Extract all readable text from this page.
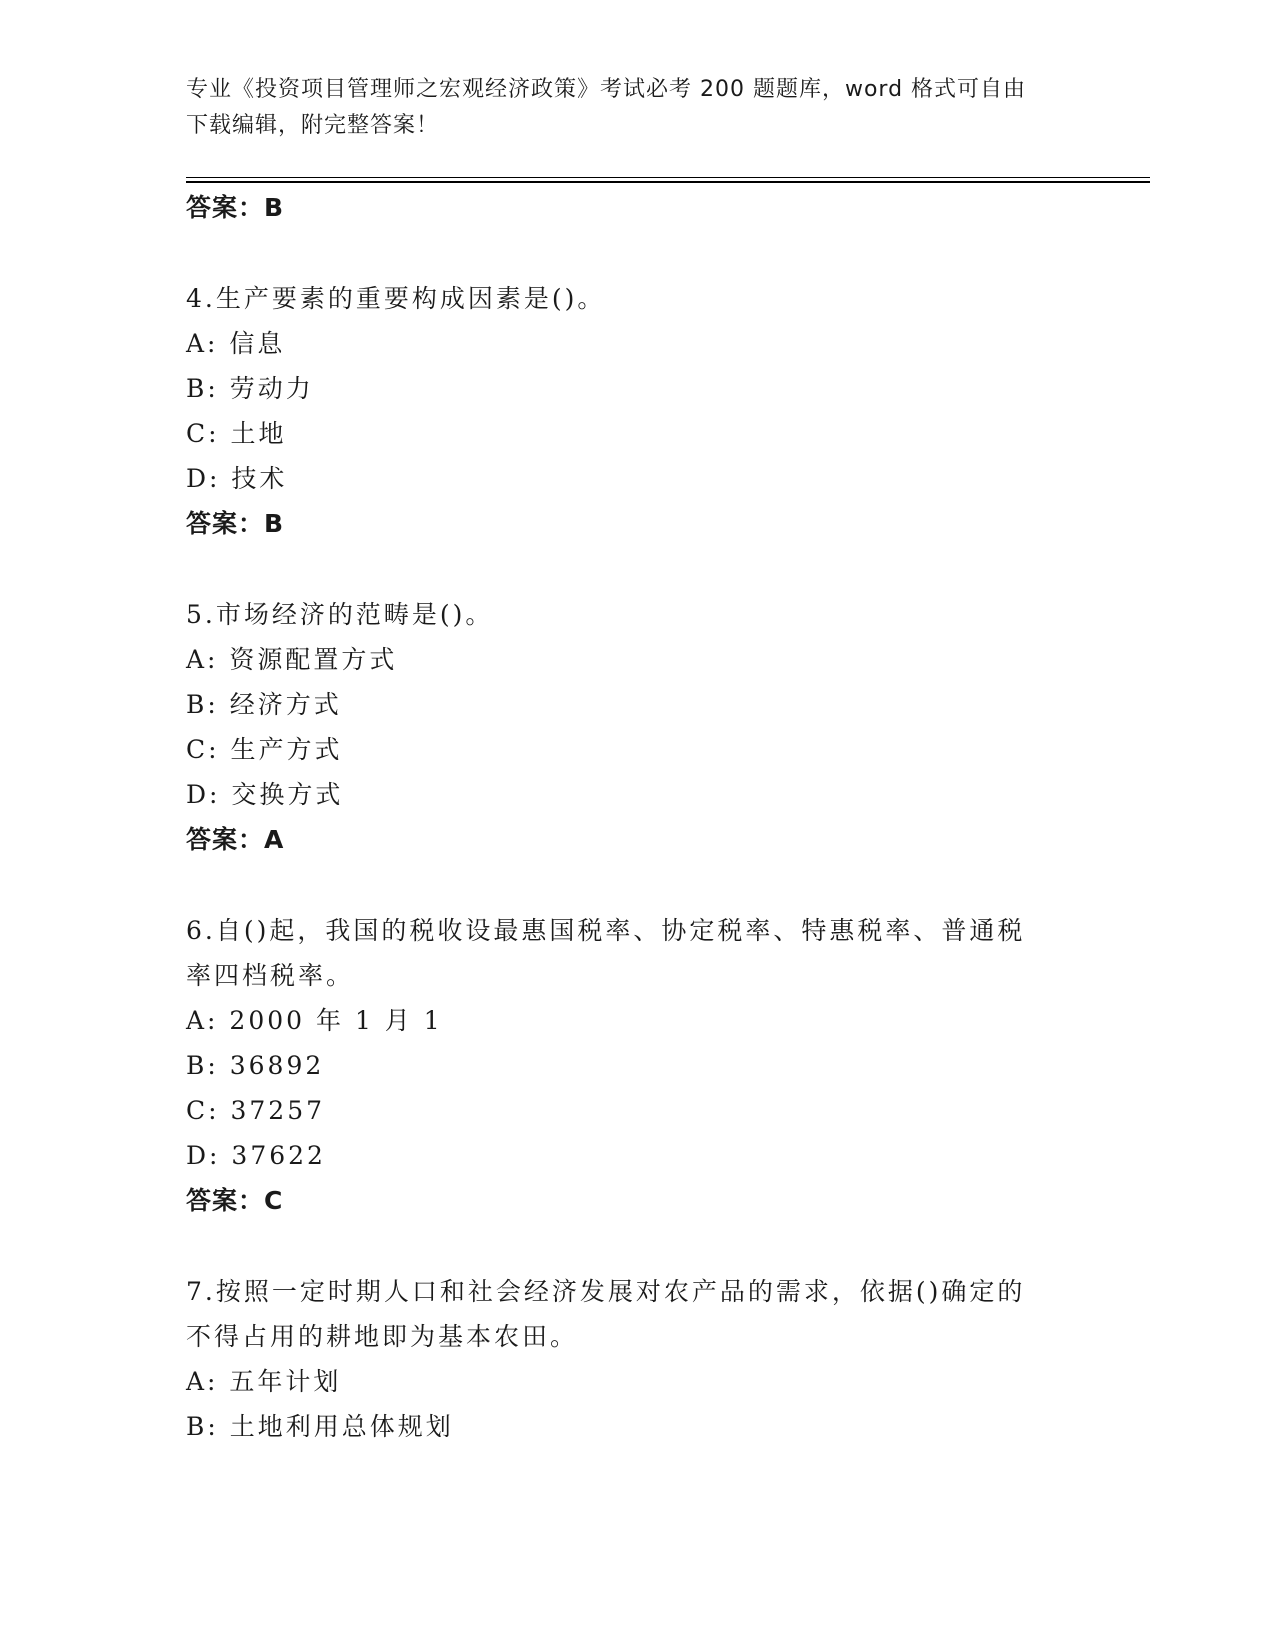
专业《投资项目管理师之宏观经济政策》考试必考 200 题题库，word 格式可自由
下载编辑，附完整答案！
答案：B
4.生产要素的重要构成因素是()。
A: 信息
B: 劳动力
C: 土地
D: 技术
答案：B
5.市场经济的范畴是()。
A: 资源配置方式
B: 经济方式
C: 生产方式
D: 交换方式
答案：A
6.自()起，我国的税收设最惠国税率、协定税率、特惠税率、普通税
率四档税率。
A: 2000 年 1 月 1
B: 36892
C: 37257
D: 37622
答案：C
7.按照一定时期人口和社会经济发展对农产品的需求，依据()确定的
不得占用的耕地即为基本农田。
A: 五年计划
B: 土地利用总体规划
